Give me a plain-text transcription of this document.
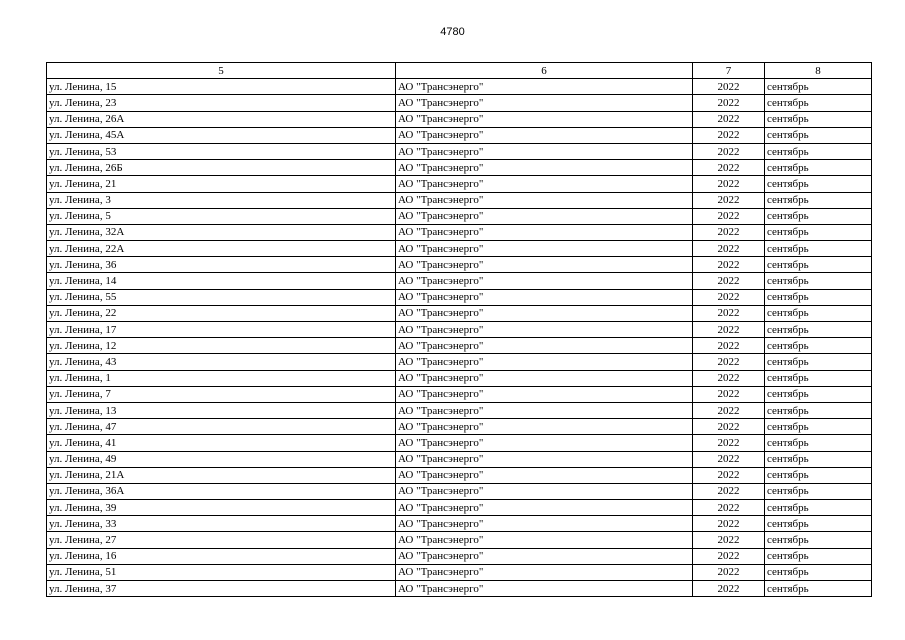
4780
5	6	7	8
ул. Ленина, 15	АО "Трансэнерго"	2022	сентябрь
ул. Ленина, 23	АО "Трансэнерго"	2022	сентябрь
ул. Ленина, 26А	АО "Трансэнерго"	2022	сентябрь
ул. Ленина, 45А	АО "Трансэнерго"	2022	сентябрь
ул. Ленина, 53	АО "Трансэнерго"	2022	сентябрь
ул. Ленина, 26Б	АО "Трансэнерго"	2022	сентябрь
ул. Ленина, 21	АО "Трансэнерго"	2022	сентябрь
ул. Ленина, 3	АО "Трансэнерго"	2022	сентябрь
ул. Ленина, 5	АО "Трансэнерго"	2022	сентябрь
ул. Ленина, 32А	АО "Трансэнерго"	2022	сентябрь
ул. Ленина, 22А	АО "Трансэнерго"	2022	сентябрь
ул. Ленина, 36	АО "Трансэнерго"	2022	сентябрь
ул. Ленина, 14	АО "Трансэнерго"	2022	сентябрь
ул. Ленина, 55	АО "Трансэнерго"	2022	сентябрь
ул. Ленина, 22	АО "Трансэнерго"	2022	сентябрь
ул. Ленина, 17	АО "Трансэнерго"	2022	сентябрь
ул. Ленина, 12	АО "Трансэнерго"	2022	сентябрь
ул. Ленина, 43	АО "Трансэнерго"	2022	сентябрь
ул. Ленина, 1	АО "Трансэнерго"	2022	сентябрь
ул. Ленина, 7	АО "Трансэнерго"	2022	сентябрь
ул. Ленина, 13	АО "Трансэнерго"	2022	сентябрь
ул. Ленина, 47	АО "Трансэнерго"	2022	сентябрь
ул. Ленина, 41	АО "Трансэнерго"	2022	сентябрь
ул. Ленина, 49	АО "Трансэнерго"	2022	сентябрь
ул. Ленина, 21А	АО "Трансэнерго"	2022	сентябрь
ул. Ленина, 36А	АО "Трансэнерго"	2022	сентябрь
ул. Ленина, 39	АО "Трансэнерго"	2022	сентябрь
ул. Ленина, 33	АО "Трансэнерго"	2022	сентябрь
ул. Ленина, 27	АО "Трансэнерго"	2022	сентябрь
ул. Ленина, 16	АО "Трансэнерго"	2022	сентябрь
ул. Ленина, 51	АО "Трансэнерго"	2022	сентябрь
ул. Ленина, 37	АО "Трансэнерго"	2022	сентябрь
